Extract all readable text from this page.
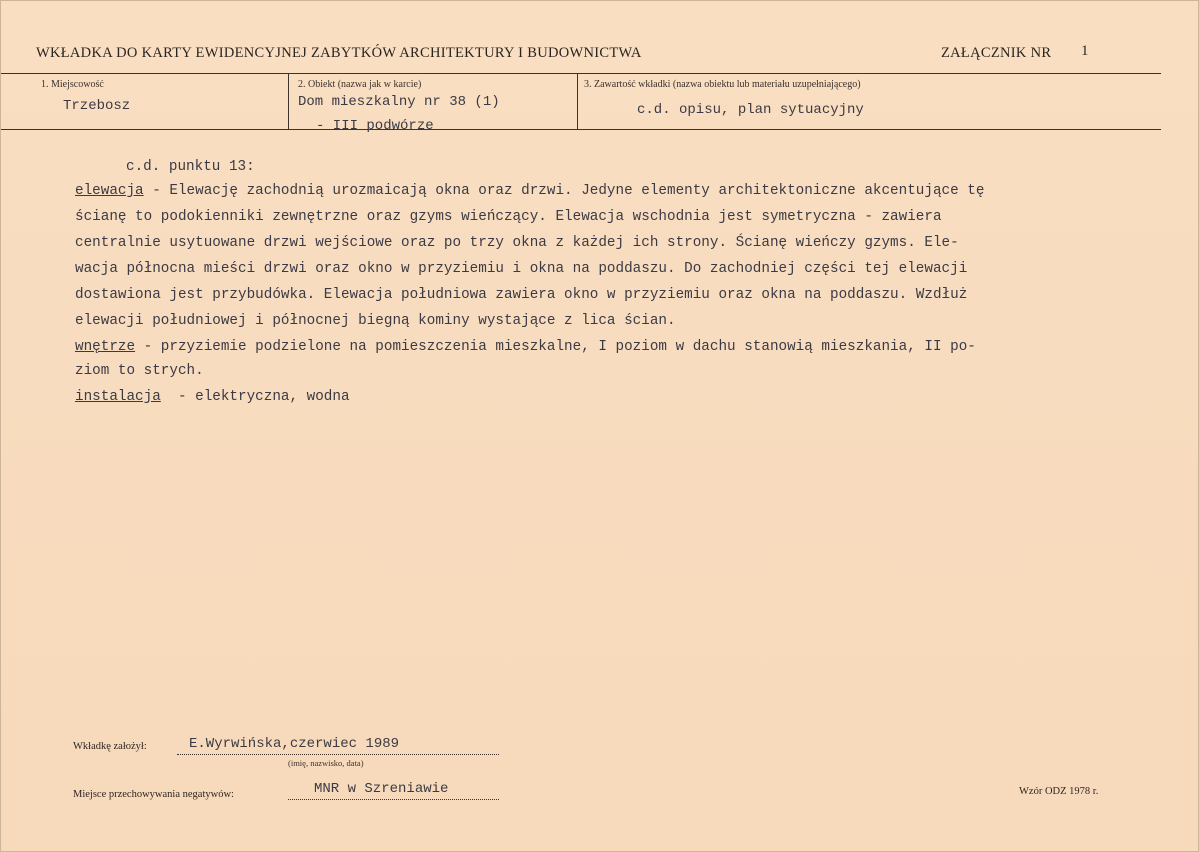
WKŁADKA DO KARTY EWIDENCYJNEJ ZABYTKÓW ARCHITEKTURY I BUDOWNICTWA	ZAŁĄCZNIK NR 1
1. Miejscowość
Trzebosz
2. Obiekt (nazwa jak w karcie)
Dom mieszkalny nr 38 (1)
- III podwórze
3. Zawartość wkładki (nazwa obiektu lub materiału uzupełniającego)
c.d. opisu, plan sytuacyjny
c.d. punktu 13:
elewacja - Elewację zachodnią urozmaicają okna oraz drzwi. Jedyne elementy architektoniczne akcentujące tę
ścianę to podokienniki zewnętrzne oraz gzyms wieńczący. Elewacja wschodnia jest symetryczna - zawiera
centralnie usytuowane drzwi wejściowe oraz po trzy okna z każdej ich strony. Ścianę wieńczy gzyms. Ele-
wacja północna mieści drzwi oraz okno w przyziemiu i okna na poddaszu. Do zachodniej części tej elewacji
dostawiona jest przybudówka. Elewacja południowa zawiera okno w przyziemiu oraz okna na poddaszu. Wzdłuż
elewacji południowej i północnej biegną kominy wystające z lica ścian.
wnętrze - przyziemie podzielone na pomieszczenia mieszkalne, I poziom w dachu stanowią mieszkania, II po-
ziom to strych.
instalacja  - elektryczna, wodna
Wkładkę założył:	E.Wyrwińska,czerwiec 1989
(imię, nazwisko, data)
Miejsce przechowywania negatywów:	MNR w Szreniawie	Wzór ODZ 1978 r.
